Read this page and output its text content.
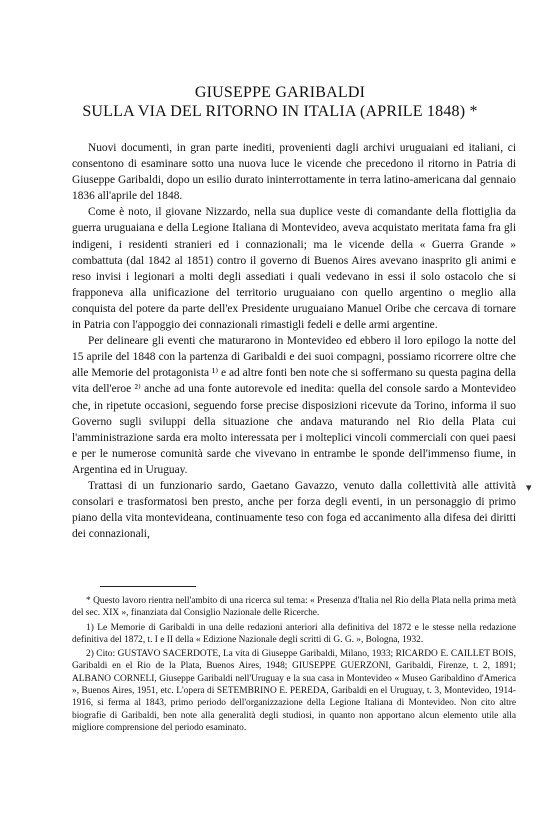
GIUSEPPE GARIBALDI
SULLA VIA DEL RITORNO IN ITALIA (APRILE 1848) *

Nuovi documenti, in gran parte inediti, provenienti dagli archivi uruguaiani ed italiani, ci consentono di esaminare sotto una nuova luce le vicende che precedono il ritorno in Patria di Giuseppe Garibaldi, dopo un esilio durato ininterrottamente in terra latino-americana dal gennaio 1836 all'aprile del 1848.

Come è noto, il giovane Nizzardo, nella sua duplice veste di comandante della flottiglia da guerra uruguaiana e della Legione Italiana di Montevideo, aveva acquistato meritata fama fra gli indigeni, i residenti stranieri ed i connazionali; ma le vicende della « Guerra Grande » combattuta (dal 1842 al 1851) contro il governo di Buenos Aires avevano inasprito gli animi e reso invisi i legionari a molti degli assediati i quali vedevano in essi il solo ostacolo che si frapponeva alla unificazione del territorio uruguaiano con quello argentino o meglio alla conquista del potere da parte dell'ex Presidente uruguaiano Manuel Oribe che cercava di tornare in Patria con l'appoggio dei connazionali rimastigli fedeli e delle armi argentine.

Per delineare gli eventi che maturarono in Montevideo ed ebbero il loro epilogo la notte del 15 aprile del 1848 con la partenza di Garibaldi e dei suoi compagni, possiamo ricorrere oltre che alle Memorie del protagonista ¹⁾ e ad altre fonti ben note che si soffermano su questa pagina della vita dell'eroe ²⁾ anche ad una fonte autorevole ed inedita: quella del console sardo a Montevideo che, in ripetute occasioni, seguendo forse precise disposizioni ricevute da Torino, informa il suo Governo sugli sviluppi della situazione che andava maturando nel Rio della Plata cui l'amministrazione sarda era molto interessata per i molteplici vincoli commerciali con quei paesi e per le numerose comunità sarde che vivevano in entrambe le sponde dell'immenso fiume, in Argentina ed in Uruguay.

Trattasi di un funzionario sardo, Gaetano Gavazzo, venuto dalla collettività alle attività consolari e trasformatosi ben presto, anche per forza degli eventi, in un personaggio di primo piano della vita montevideana, continuamente teso con foga ed accanimento alla difesa dei diritti dei connazionali,

▾

* Questo lavoro rientra nell'ambito di una ricerca sul tema: « Presenza d'Italia nel Rio della Plata nella prima metà del sec. XIX », finanziata dal Consiglio Nazionale delle Ricerche.

1) Le Memorie di Garibaldi in una delle redazioni anteriori alla definitiva del 1872 e le stesse nella redazione definitiva del 1872, t. I e II della « Edizione Nazionale degli scritti di G. G. », Bologna, 1932.

2) Cito: GUSTAVO SACERDOTE, La vita di Giuseppe Garibaldi, Milano, 1933; RICARDO E. CAILLET BOIS, Garibaldi en el Rio de la Plata, Buenos Aires, 1948; GIUSEPPE GUERZONI, Garibaldi, Firenze, t. 2, 1891; ALBANO CORNELI, Giuseppe Garibaldi nell'Uruguay e la sua casa in Montevideo « Museo Garibaldino d'America », Buenos Aires, 1951, etc. L'opera di SETEMBRINO E. PEREDA, Garibaldi en el Uruguay, t. 3, Montevideo, 1914-1916, si ferma al 1843, primo periodo dell'organizzazione della Legione Italiana di Montevideo. Non cito altre biografie di Garibaldi, ben note alla generalità degli studiosi, in quanto non apportano alcun elemento utile alla migliore comprensione del periodo esaminato.
